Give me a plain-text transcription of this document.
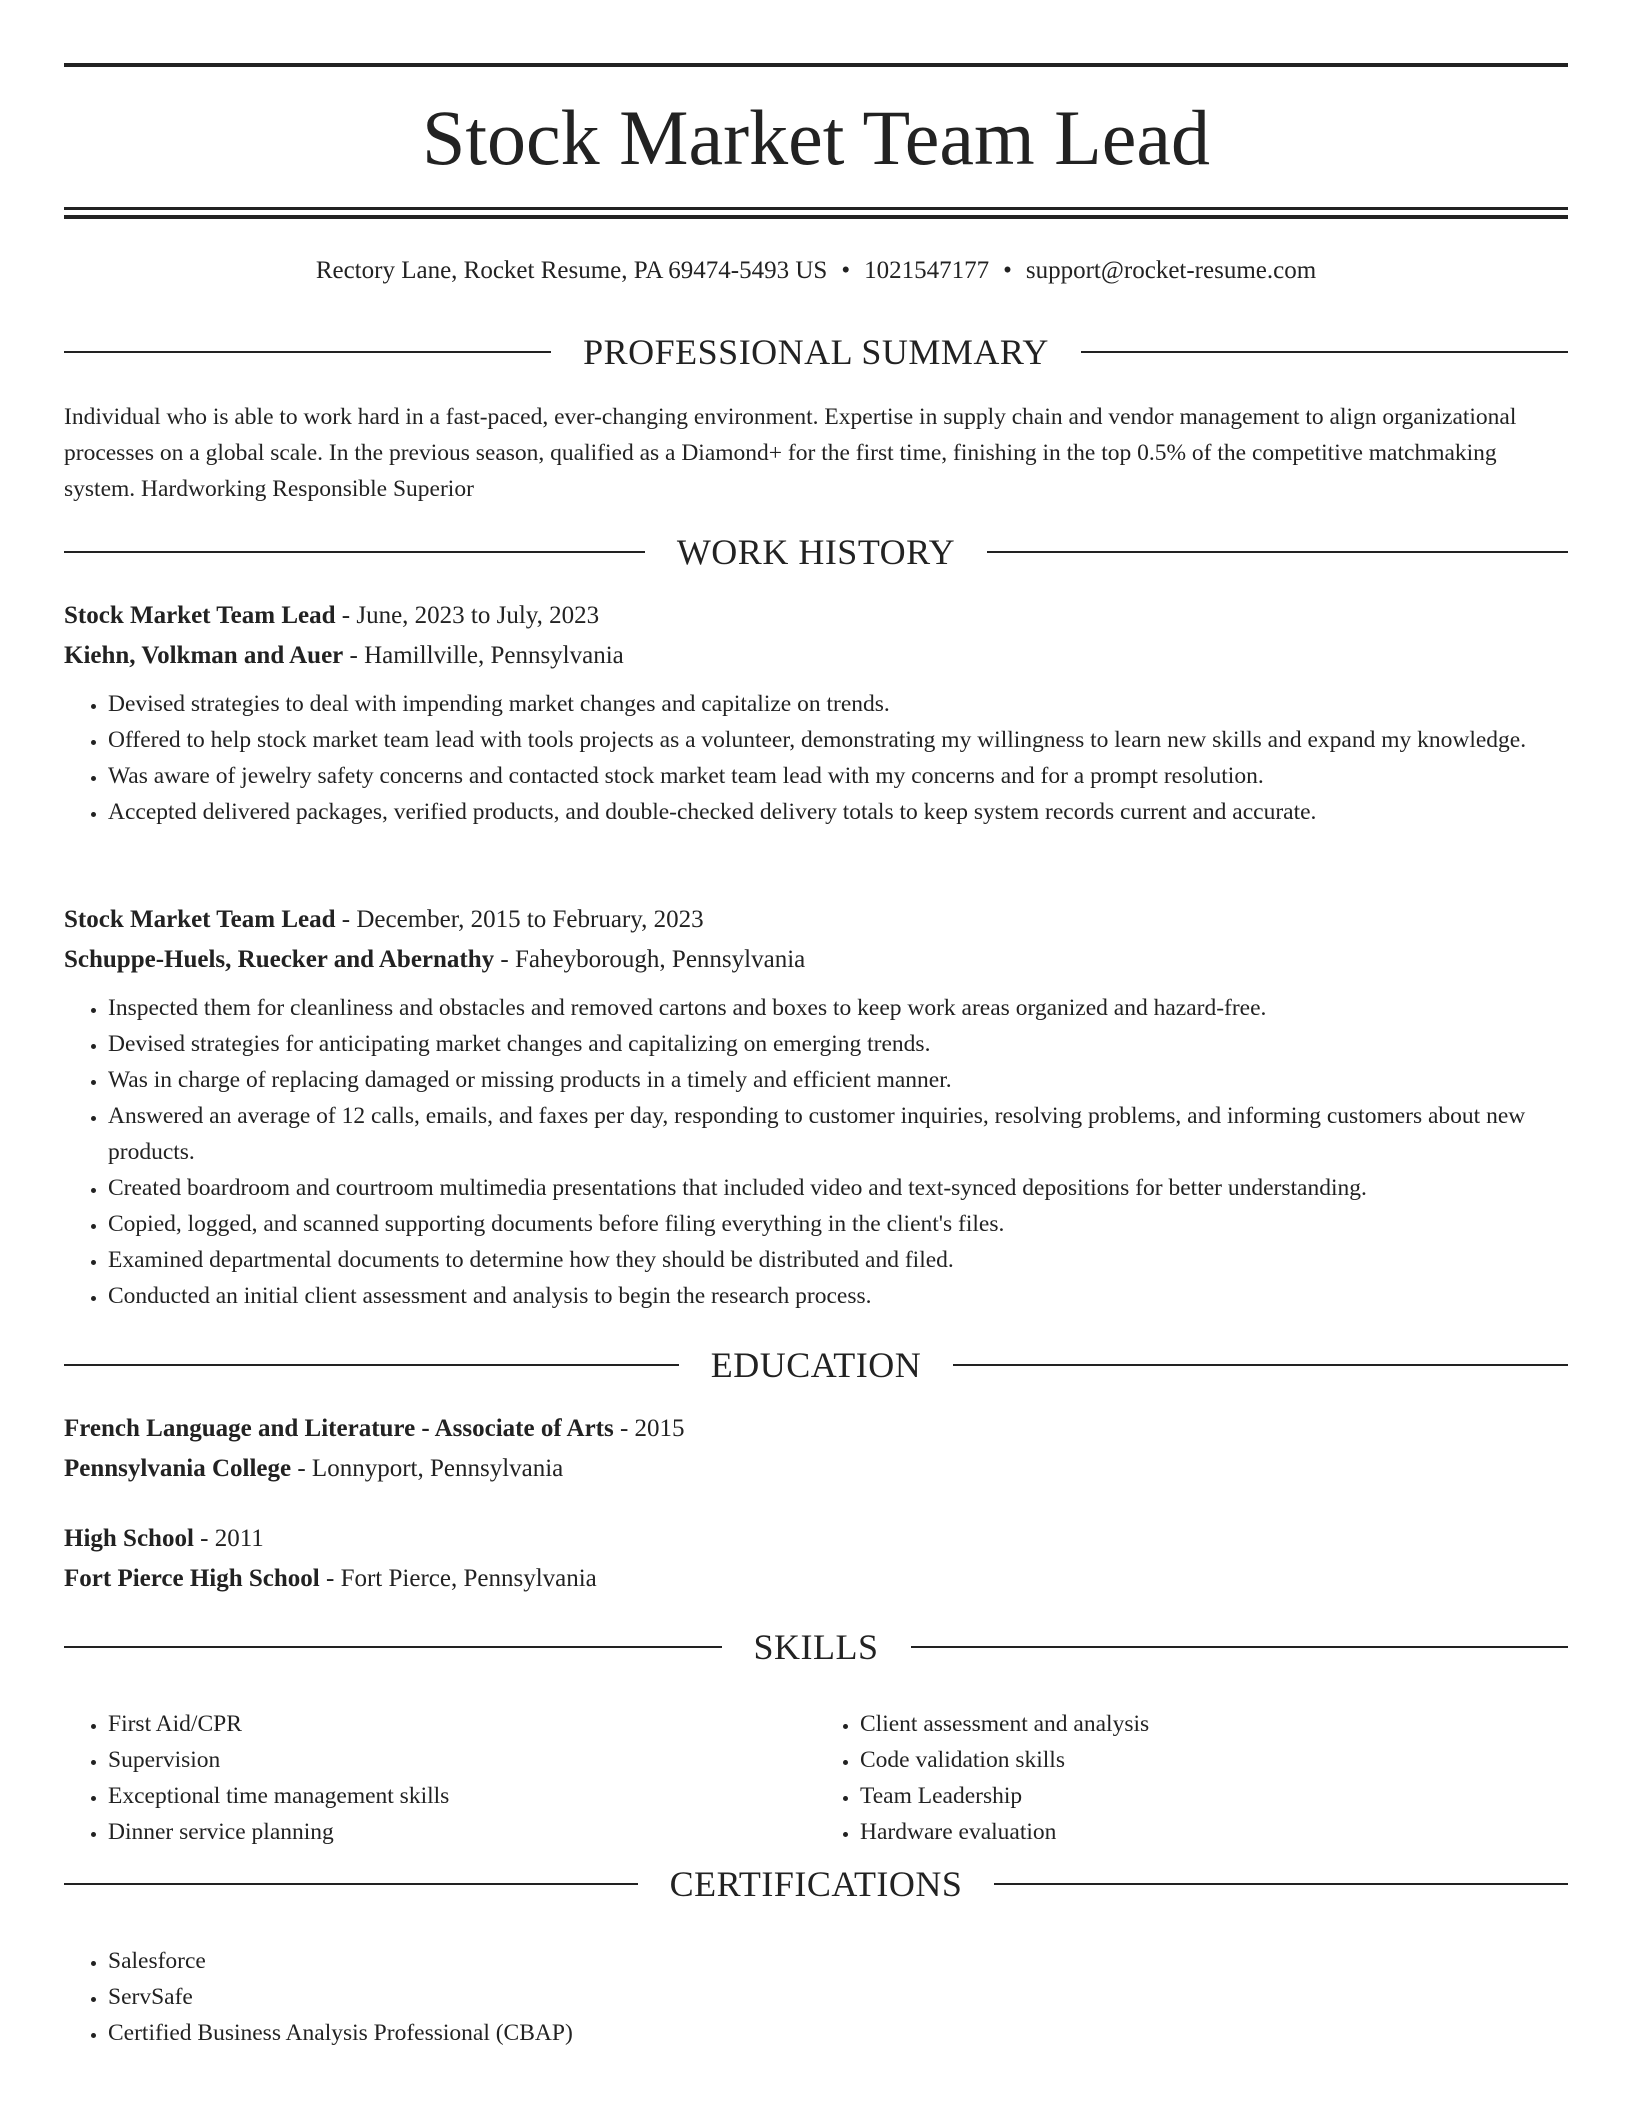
Stock Market Team Lead
Rectory Lane, Rocket Resume, PA 69474-5493 US • 1021547177 • support@rocket-resume.com
PROFESSIONAL SUMMARY

Individual who is able to work hard in a fast-paced, ever-changing environment. Expertise in supply chain and vendor management to align organizational processes on a global scale. In the previous season, qualified as a Diamond+ for the first time, finishing in the top 0.5% of the competitive matchmaking system. Hardworking Responsible Superior

WORK HISTORY
Stock Market Team Lead - June, 2023 to July, 2023
Kiehn, Volkman and Auer - Hamillville, Pennsylvania
• Devised strategies to deal with impending market changes and capitalize on trends.
• Offered to help stock market team lead with tools projects as a volunteer, demonstrating my willingness to learn new skills and expand my knowledge.
• Was aware of jewelry safety concerns and contacted stock market team lead with my concerns and for a prompt resolution.
• Accepted delivered packages, verified products, and double-checked delivery totals to keep system records current and accurate.
Stock Market Team Lead - December, 2015 to February, 2023
Schuppe-Huels, Ruecker and Abernathy - Faheyborough, Pennsylvania
• Inspected them for cleanliness and obstacles and removed cartons and boxes to keep work areas organized and hazard-free.
• Devised strategies for anticipating market changes and capitalizing on emerging trends.
• Was in charge of replacing damaged or missing products in a timely and efficient manner.
• Answered an average of 12 calls, emails, and faxes per day, responding to customer inquiries, resolving problems, and informing customers about new products.
• Created boardroom and courtroom multimedia presentations that included video and text-synced depositions for better understanding.
• Copied, logged, and scanned supporting documents before filing everything in the client's files.
• Examined departmental documents to determine how they should be distributed and filed.
• Conducted an initial client assessment and analysis to begin the research process.
EDUCATION
French Language and Literature - Associate of Arts - 2015
Pennsylvania College - Lonnyport, Pennsylvania
High School - 2011
Fort Pierce High School - Fort Pierce, Pennsylvania
SKILLS
• First Aid/CPR
• Supervision
• Exceptional time management skills
• Dinner service planning
• Client assessment and analysis
• Code validation skills
• Team Leadership
• Hardware evaluation
CERTIFICATIONS
• Salesforce
• ServSafe
• Certified Business Analysis Professional (CBAP)
